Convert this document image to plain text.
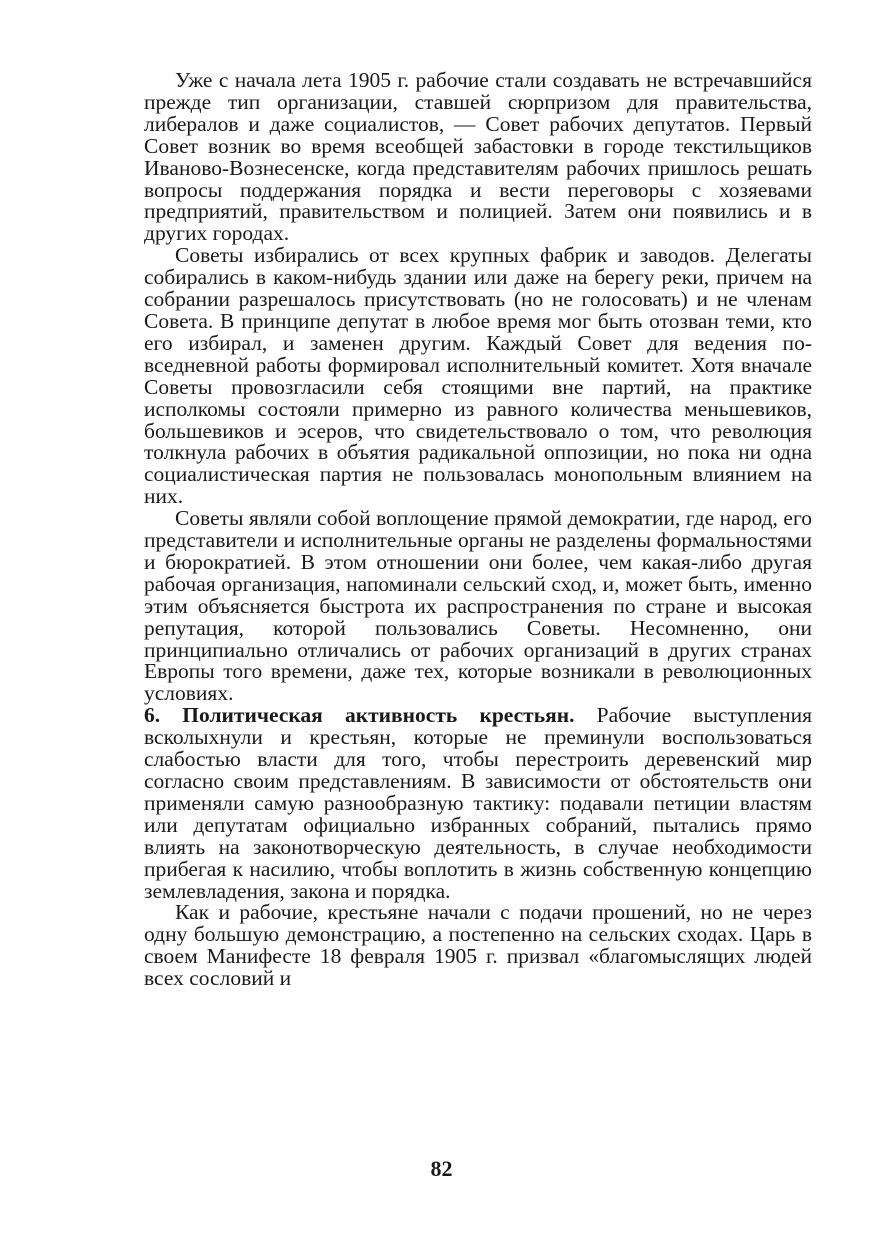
Уже с начала лета 1905 г. рабочие стали создавать не встречавшийся прежде тип организации, ставшей сюрпризом для правительства, либералов и даже социалистов, — Совет рабочих депутатов. Первый Совет возник во время всеобщей забастовки в городе текстильщиков Иваново-Вознесенске, когда представителям рабочих пришлось решать вопросы поддержания порядка и вести переговоры с хозяевами предприятий, правительством и полицией. Затем они появились и в других городах.

Советы избирались от всех крупных фабрик и заводов. Делегаты собирались в каком-нибудь здании или даже на берегу реки, причем на собрании разрешалось присутствовать (но не голосовать) и не членам Совета. В принципе депутат в любое время мог быть отозван теми, кто его избирал, и заменен другим. Каждый Совет для ведения повседневной работы формировал исполнительный комитет. Хотя вначале Советы провозгласили себя стоящими вне партий, на практике исполкомы состояли примерно из равного количества меньшевиков, большевиков и эсеров, что свидетельствовало о том, что революция толкнула рабочих в объятия радикальной оппозиции, но пока ни одна социалистическая партия не пользовалась монопольным влиянием на них.

Советы являли собой воплощение прямой демократии, где народ, его представители и исполнительные органы не разделены формальностями и бюрократией. В этом отношении они более, чем какая-либо другая рабочая организация, напоминали сельский сход, и, может быть, именно этим объясняется быстрота их распространения по стране и высокая репутация, которой пользовались Советы. Несомненно, они принципиально отличались от рабочих организаций в других странах Европы того времени, даже тех, которые возникали в революционных условиях.

6. Политическая активность крестьян. Рабочие выступления всколыхнули и крестьян, которые не преминули воспользоваться слабостью власти для того, чтобы перестроить деревенский мир согласно своим представлениям. В зависимости от обстоятельств они применяли самую разнообразную тактику: подавали петиции властям или депутатам официально избранных собраний, пытались прямо влиять на законотворческую деятельность, в случае необходимости прибегая к насилию, чтобы воплотить в жизнь собственную концепцию землевладения, закона и порядка.

Как и рабочие, крестьяне начали с подачи прошений, но не через одну большую демонстрацию, а постепенно на сельских сходах. Царь в своем Манифесте 18 февраля 1905 г. призвал «благомыслящих людей всех сословий и

82
